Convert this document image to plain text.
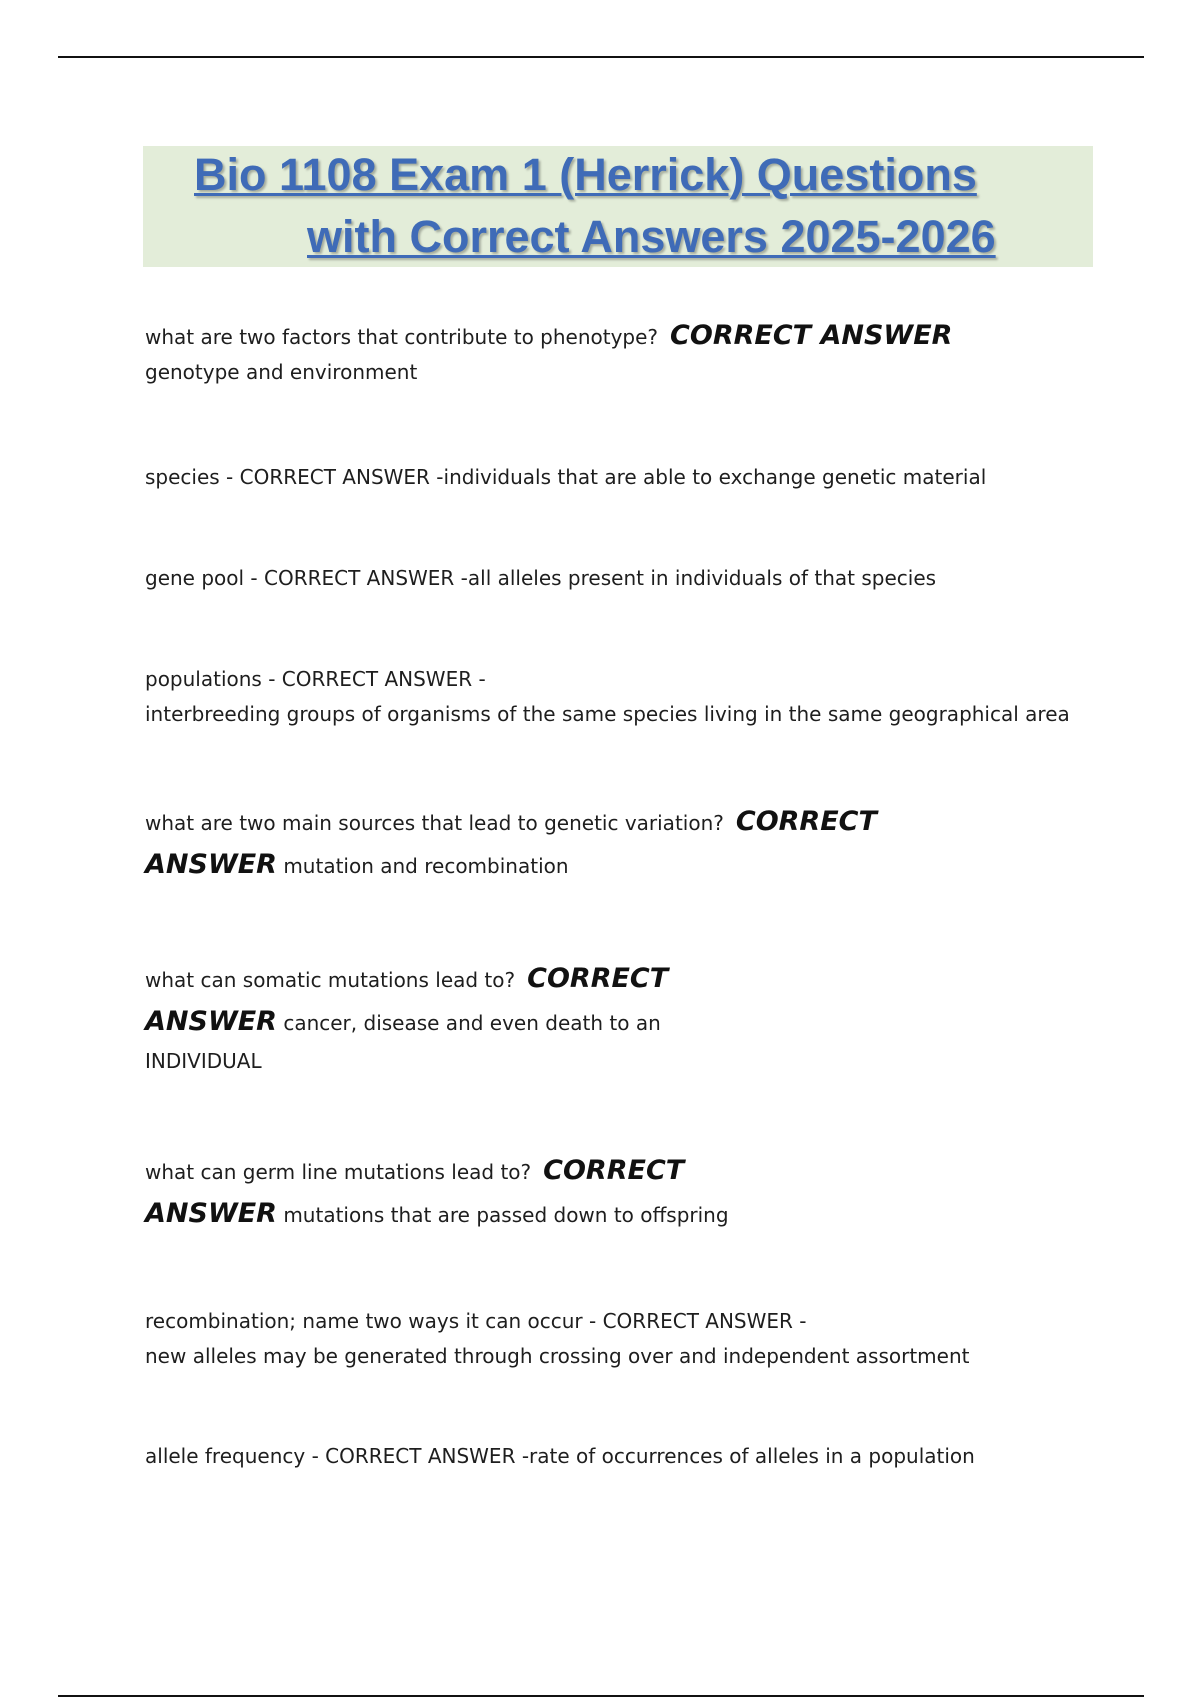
Bio 1108 Exam 1 (Herrick) Questions
with Correct Answers 2025-2026
what are two factors that contribute to phenotype? CORRECT ANSWER
genotype and environment
species - CORRECT ANSWER -individuals that are able to exchange genetic material
gene pool - CORRECT ANSWER -all alleles present in individuals of that species
populations - CORRECT ANSWER -
interbreeding groups of organisms of the same species living in the same geographical area
what are two main sources that lead to genetic variation? CORRECT
ANSWER mutation and recombination
what can somatic mutations lead to? CORRECT
ANSWER cancer, disease and even death to an
INDIVIDUAL
what can germ line mutations lead to? CORRECT
ANSWER mutations that are passed down to offspring
recombination; name two ways it can occur - CORRECT ANSWER -
new alleles may be generated through crossing over and independent assortment
allele frequency - CORRECT ANSWER -rate of occurrences of alleles in a population
